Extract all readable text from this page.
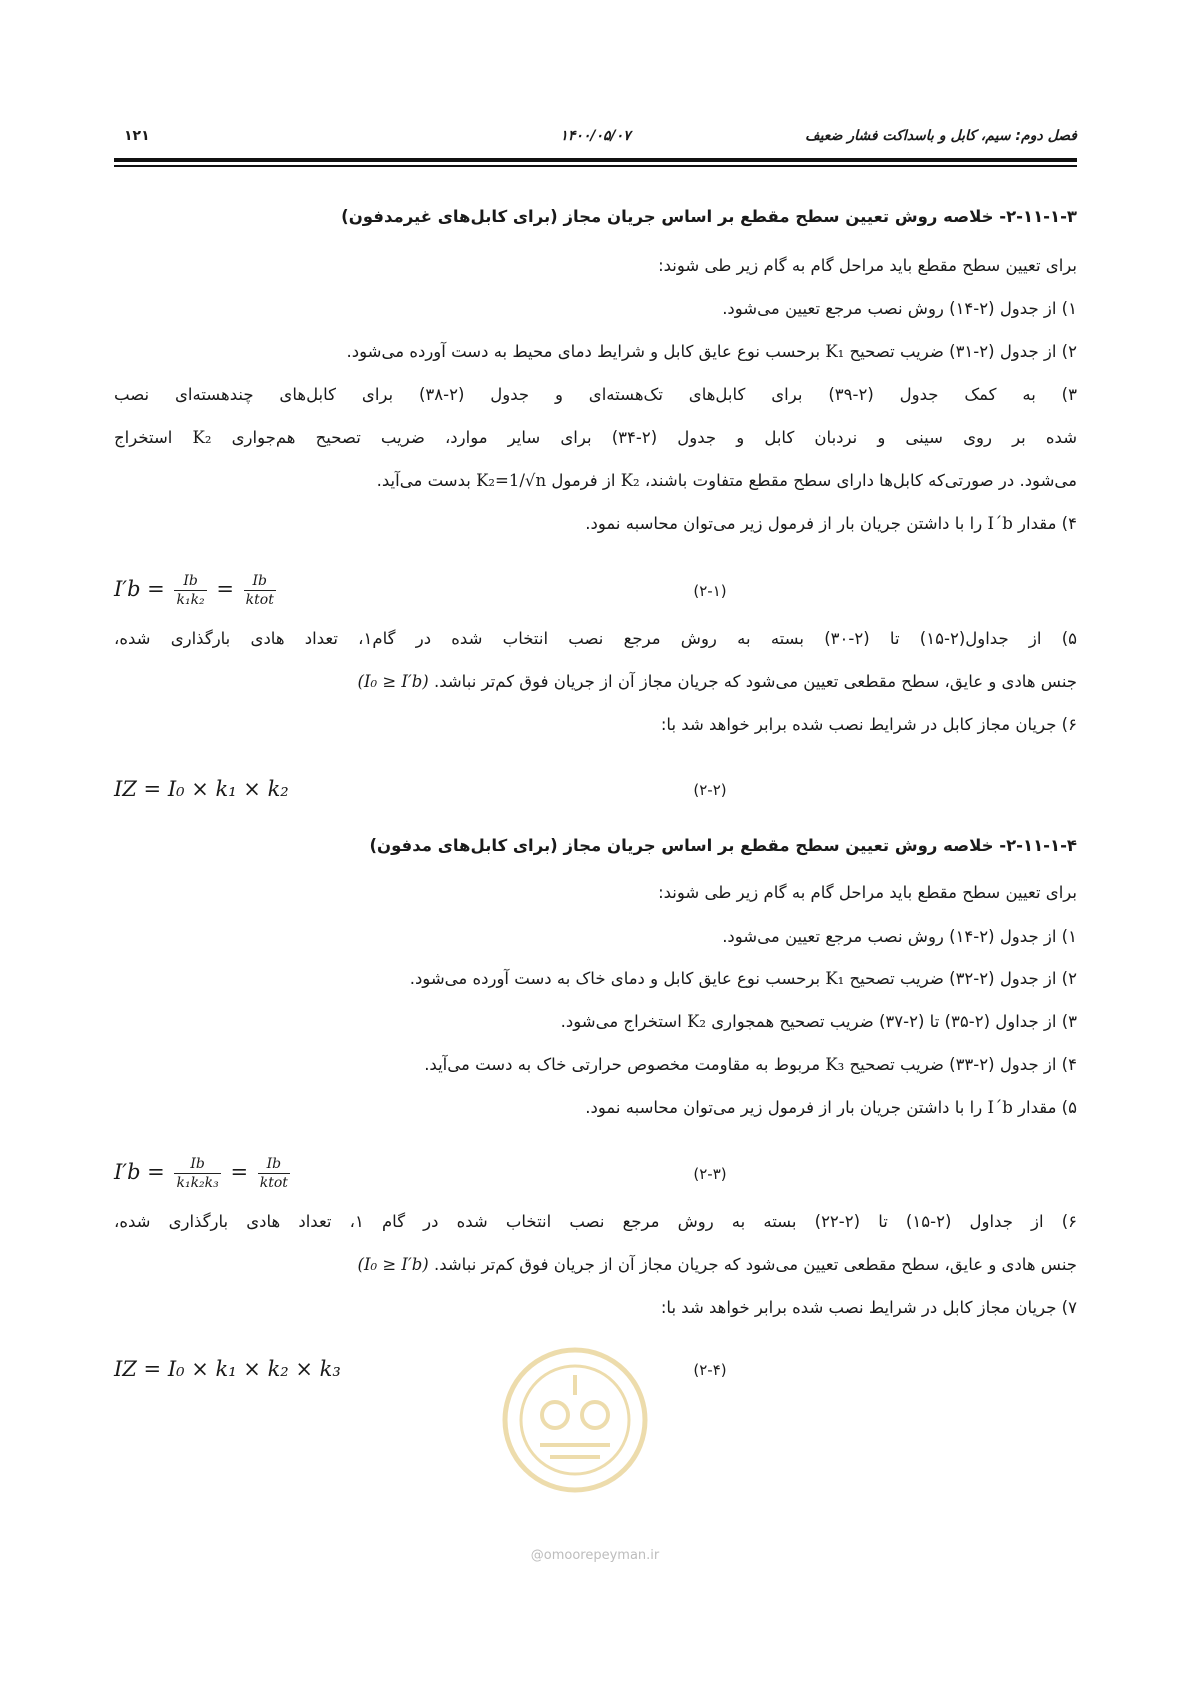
فصل دوم: سیم، کابل و باسداکت فشار ضعیف
۱۴۰۰/۰۵/۰۷
۱۲۱
۲-۱۱-۱-۳- خلاصه روش تعیین سطح مقطع بر اساس جریان مجاز (برای کابل‌های غیرمدفون)
برای تعیین سطح مقطع باید مراحل گام به گام زیر طی شوند:
۱) از جدول (۲-۱۴) روش نصب مرجع تعیین می‌شود.
۲) از جدول (۲-۳۱) ضریب تصحیح K₁ برحسب نوع عایق کابل و شرایط دمای محیط به دست آورده می‌شود.
۳) به کمک جدول (۲-۳۹) برای کابل‌های تک‌هسته‌ای و جدول (۲-۳۸) برای کابل‌های چندهسته‌ای نصب
شده بر روی سینی و نردبان کابل و جدول (۲-۳۴) برای سایر موارد، ضریب تصحیح هم‌جواری K₂ استخراج
می‌شود. در صورتی‌که کابل‌ها دارای سطح مقطع متفاوت باشند، K₂ از فرمول K₂=1/√n بدست می‌آید.
۴) مقدار I΄b را با داشتن جریان بار از فرمول زیر می‌توان محاسبه نمود.
$I'b = \frac{Ib}{\text{k₁k₂}} = \frac{Ib}{\text{ktot}}$	(۲-۱)
۵) از جداول(۲-۱۵) تا (۲-۳۰) بسته به روش مرجع نصب انتخاب شده در گام۱، تعداد هادی بارگذاری شده،
جنس هادی و عایق، سطح مقطعی تعیین می‌شود که جریان مجاز آن از جریان فوق کم‌تر نباشد. (I₀ ≥ I′b)
۶) جریان مجاز کابل در شرایط نصب شده برابر خواهد شد با:
IZ = I₀ × k₁ × k₂	(۲-۲)
۲-۱۱-۱-۴- خلاصه روش تعیین سطح مقطع بر اساس جریان مجاز (برای کابل‌های مدفون)
برای تعیین سطح مقطع باید مراحل گام به گام زیر طی شوند:
۱) از جدول (۲-۱۴) روش نصب مرجع تعیین می‌شود.
۲) از جدول (۲-۳۲) ضریب تصحیح K₁ برحسب نوع عایق کابل و دمای خاک به دست آورده می‌شود.
۳) از جداول (۲-۳۵) تا (۲-۳۷) ضریب تصحیح همجواری K₂ استخراج می‌شود.
۴) از جدول (۲-۳۳) ضریب تصحیح K₃ مربوط به مقاومت مخصوص حرارتی خاک به دست می‌آید.
۵) مقدار I΄b را با داشتن جریان بار از فرمول زیر می‌توان محاسبه نمود.
$I'b = \frac{Ib}{\text{k₁k₂k₃}} = \frac{Ib}{\text{ktot}}$	(۲-۳)
۶) از جداول (۲-۱۵) تا (۲-۲۲) بسته به روش مرجع نصب انتخاب شده در گام ۱، تعداد هادی بارگذاری شده،
جنس هادی و عایق، سطح مقطعی تعیین می‌شود که جریان مجاز آن از جریان فوق کم‌تر نباشد. (I₀ ≥ I′b)
۷) جریان مجاز کابل در شرایط نصب شده برابر خواهد شد با:
IZ = I₀ × k₁ × k₂ × k₃	(۲-۴)
@omoorepeyman.ir
